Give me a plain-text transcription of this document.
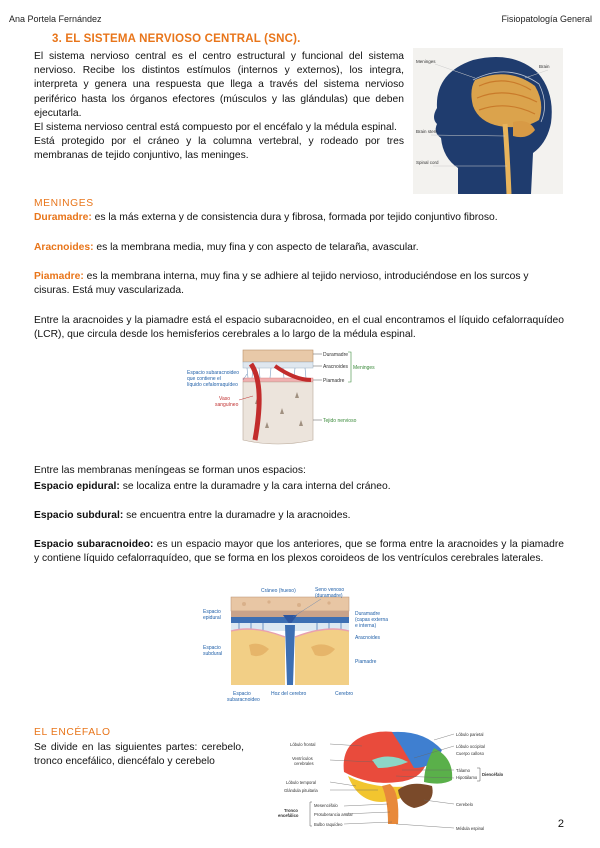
Ana Portela Fernández	Fisiopatología General
3. EL SISTEMA NERVIOSO CENTRAL (SNC).
El sistema nervioso central es el centro estructural y funcional del sistema nervioso. Recibe los distintos estímulos (internos y externos), los integra, interpreta y genera una respuesta que llega a través del sistema nervioso periférico hasta los órganos efectores (músculos y las glándulas) que deben ejecutarla.
El sistema nervioso central está compuesto por el encéfalo y la médula espinal.
Está protegido por el cráneo y la columna vertebral, y rodeado por tres membranas de tejido conjuntivo, las meninges.
Meninges
Brain
Brain stem
Spinal cord
MENINGES
Duramadre: es la más externa y de consistencia dura y fibrosa, formada por tejido conjuntivo fibroso.
Aracnoides: es la membrana media, muy fina y con aspecto de telaraña, avascular.
Piamadre: es la membrana interna, muy fina y se adhiere al tejido nervioso, introduciéndose en los surcos y cisuras. Está muy vascularizada.
Entre la aracnoides y la piamadre está el espacio subaracnoideo, en el cual encontramos el líquido cefalorraquídeo (LCR), que circula desde los hemisferios cerebrales a lo largo de la médula espinal.
Espacio subaracnoideo que contiene el líquido cefalorraquídeo
Vaso sanguíneo
Duramadre
Aracnoides
Piamadre
Meninges
Tejido nervioso
Entre las membranas meníngeas se forman unos espacios:
Espacio epidural: se localiza entre la duramadre y la cara interna del cráneo.
Espacio subdural: se encuentra entre la duramadre y la aracnoides.
Espacio subaracnoideo: es un espacio mayor que los anteriores, que se forma entre la aracnoides y la piamadre y contiene líquido cefalorraquídeo, que se forma en los plexos coroideos de los ventrículos cerebrales laterales.
Cráneo (hueso)	Seno venoso (duramadre)
Espacio epidural
Espacio subdural
Duramadre (capas externa e interna)
Aracnoides
Piamadre
Espacio subaracnoideo
Hoz del cerebro	Cerebro
EL ENCÉFALO
Se divide en las siguientes partes: cerebelo, tronco encefálico, diencéfalo y cerebelo
Lóbulo frontal
Ventrículos cerebrales
Lóbulo temporal
Glándula pituitaria
Tronco encefálico
Mesencéfalo
Protuberancia anular
Bulbo raquídeo
Lóbulo parietal
Lóbulo occipital
Cuerpo calloso
Tálamo
Hipotálamo
Diencéfalo
Cerebelo
Médula espinal	2
